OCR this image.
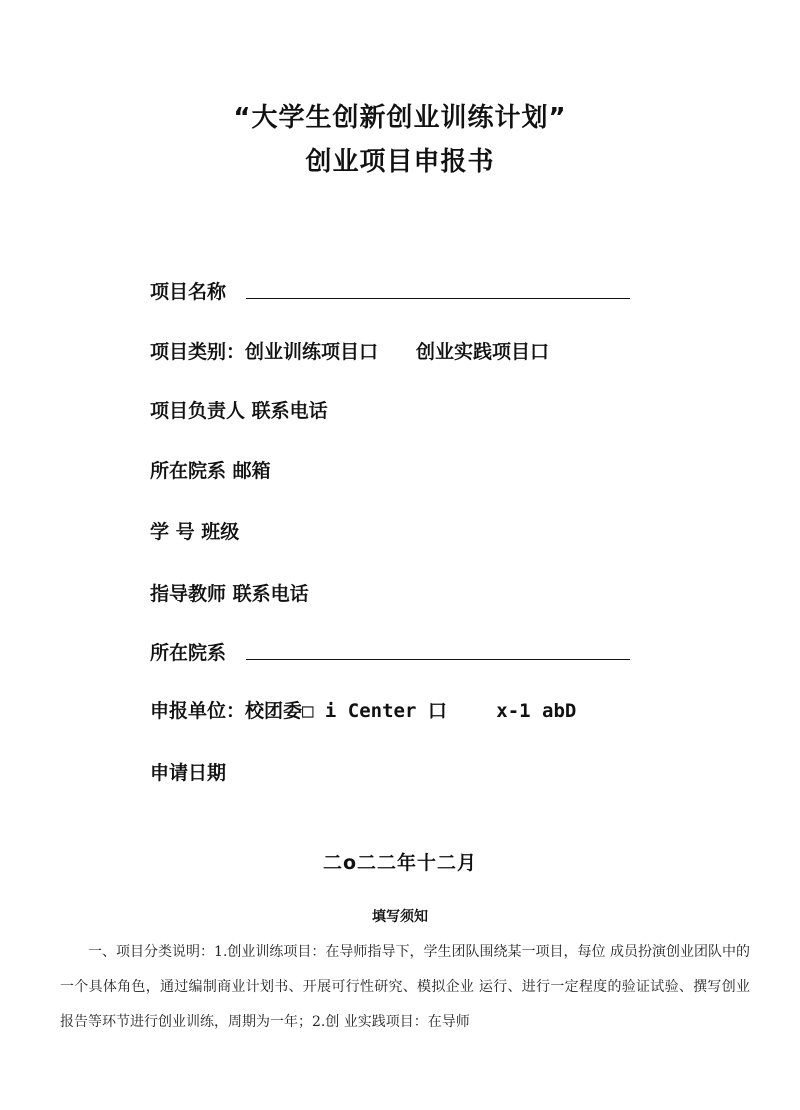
“大学生创新创业训练计划”
创业项目申报书
项目名称
项目类别：创业训练项目口　　创业实践项目口
项目负责人 联系电话
所在院系 邮箱
学 号 班级
指导教师 联系电话
所在院系
申报单位：校团委□ i Center 口　　 x-1 abD
申请日期
二o二二年十二月
填写须知
一、项目分类说明：1.创业训练项目：在导师指导下，学生团队围绕某一项目，每位 成员扮演创业团队中的一个具体角色，通过编制商业计划书、开展可行性研究、模拟企业 运行、进行一定程度的验证试验、撰写创业报告等环节进行创业训练，周期为一年；2.创 业实践项目：在导师
